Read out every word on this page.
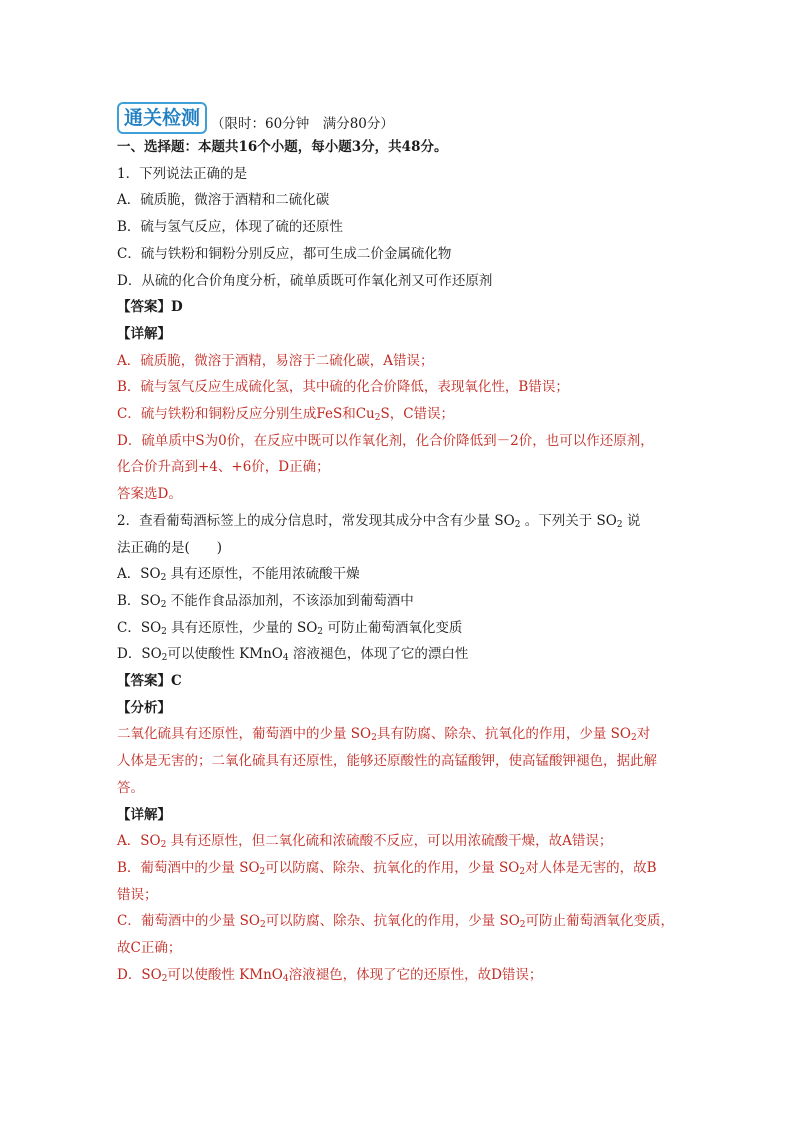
通关检测 （限时：60分钟　满分80分）
一、选择题：本题共16个小题，每小题3分，共48分。
1．下列说法正确的是
A．硫质脆，微溶于酒精和二硫化碳
B．硫与氢气反应，体现了硫的还原性
C．硫与铁粉和铜粉分别反应，都可生成二价金属硫化物
D．从硫的化合价角度分析，硫单质既可作氧化剂又可作还原剂
【答案】D
【详解】
A．硫质脆，微溶于酒精，易溶于二硫化碳，A错误；
B．硫与氢气反应生成硫化氢，其中硫的化合价降低，表现氧化性，B错误；
C．硫与铁粉和铜粉反应分别生成FeS和$Cu_2S$，C错误；
D．硫单质中S为0价，在反应中既可以作氧化剂，化合价降低到－2价，也可以作还原剂，
化合价升高到+4、+6价，D正确；
答案选D。
2．查看葡萄酒标签上的成分信息时，常发现其成分中含有少量 $SO_2$ 。下列关于 $SO_2$ 说
法正确的是(　　)
A．$SO_2$ 具有还原性，不能用浓硫酸干燥
B．$SO_2$ 不能作食品添加剂，不该添加到葡萄酒中
C．$SO_2$ 具有还原性，少量的 $SO_2$ 可防止葡萄酒氧化变质
D．$SO_2$可以使酸性 KMnO$_4$ 溶液褪色，体现了它的漂白性
【答案】C
【分析】
二氧化硫具有还原性，葡萄酒中的少量 $SO_2$具有防腐、除杂、抗氧化的作用，少量 $SO_2$对
人体是无害的；二氧化硫具有还原性，能够还原酸性的高锰酸钾，使高锰酸钾褪色，据此解
答。
【详解】
A．$SO_2$ 具有还原性，但二氧化硫和浓硫酸不反应，可以用浓硫酸干燥，故A错误；
B．葡萄酒中的少量 $SO_2$可以防腐、除杂、抗氧化的作用，少量 $SO_2$对人体是无害的，故B
错误；
C．葡萄酒中的少量 $SO_2$可以防腐、除杂、抗氧化的作用，少量 $SO_2$可防止葡萄酒氧化变质，
故C正确；
D．$SO_2$可以使酸性 KMnO$_4$溶液褪色，体现了它的还原性，故D错误；
